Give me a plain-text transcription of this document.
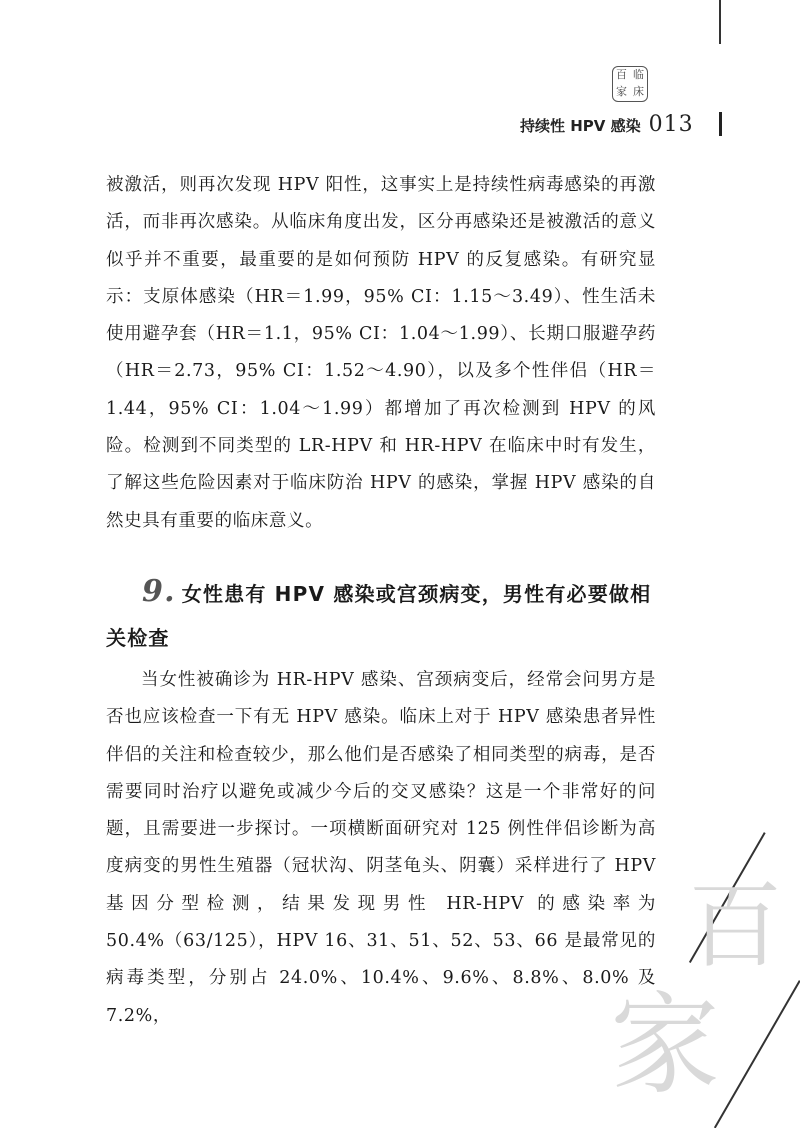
百 临
家 床
持续性 HPV 感染 013

被激活，则再次发现 HPV 阳性，这事实上是持续性病毒感染的再激活，而非再次感染。从临床角度出发，区分再感染还是被激活的意义似乎并不重要，最重要的是如何预防 HPV 的反复感染。有研究显示：支原体感染（HR＝1.99，95% CI：1.15～3.49）、性生活未使用避孕套（HR＝1.1，95% CI：1.04～1.99）、长期口服避孕药（HR＝2.73，95% CI：1.52～4.90），以及多个性伴侣（HR＝1.44，95% CI：1.04～1.99）都增加了再次检测到 HPV 的风险。检测到不同类型的 LR-HPV 和 HR-HPV 在临床中时有发生，了解这些危险因素对于临床防治 HPV 的感染，掌握 HPV 感染的自然史具有重要的临床意义。

9. 女性患有 HPV 感染或宫颈病变，男性有必要做相关检查

当女性被确诊为 HR-HPV 感染、宫颈病变后，经常会问男方是否也应该检查一下有无 HPV 感染。临床上对于 HPV 感染患者异性伴侣的关注和检查较少，那么他们是否感染了相同类型的病毒，是否需要同时治疗以避免或减少今后的交叉感染？这是一个非常好的问题，且需要进一步探讨。一项横断面研究对 125 例性伴侣诊断为高度病变的男性生殖器（冠状沟、阴茎龟头、阴囊）采样进行了 HPV 基因分型检测，结果发现男性 HR-HPV 的感染率为 50.4%（63/125），HPV 16、31、51、52、53、66 是最常见的病毒类型，分别占 24.0%、10.4%、9.6%、8.8%、8.0% 及 7.2%，

百
家
